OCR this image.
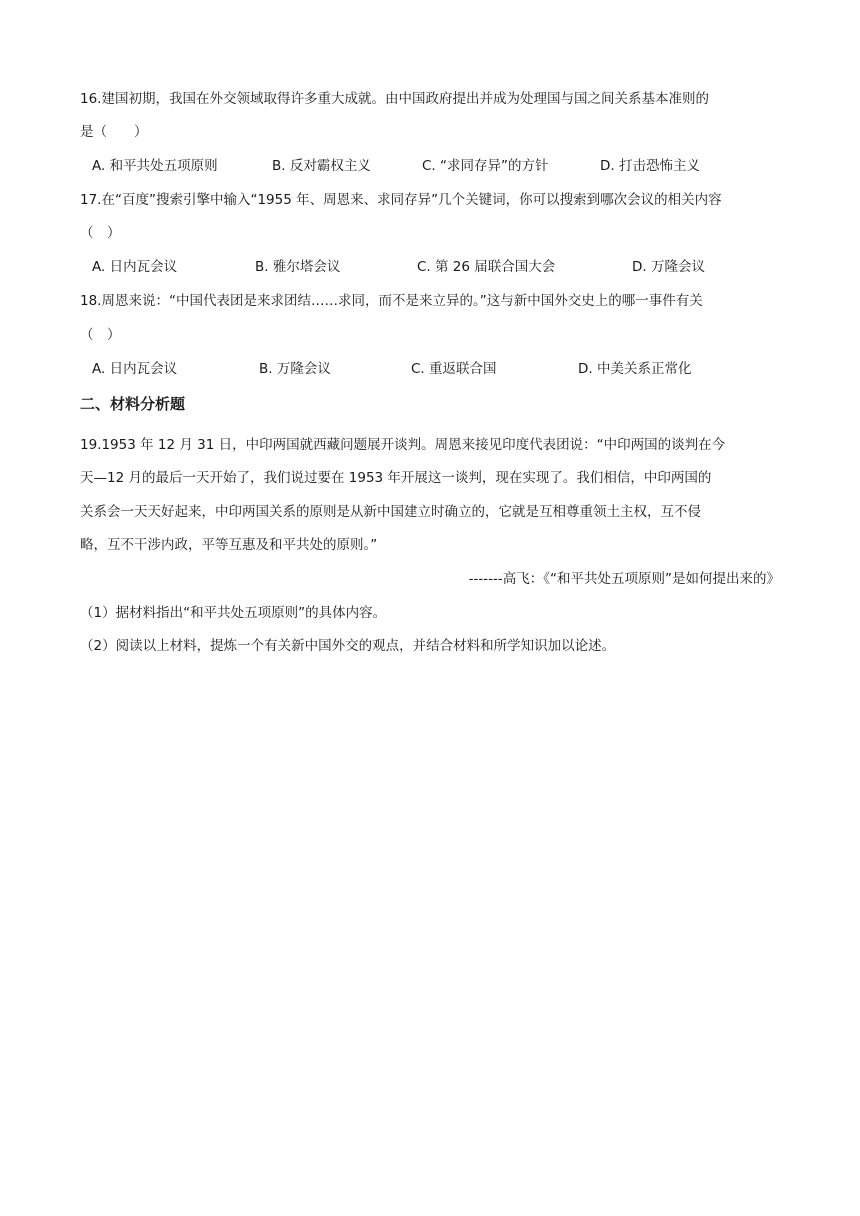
16.建国初期，我国在外交领域取得许多重大成就。由中国政府提出并成为处理国与国之间关系基本准则的
是（　　）
A. 和平共处五项原则	B. 反对霸权主义	C. “求同存异”的方针	D. 打击恐怖主义
17.在“百度”搜索引擎中输入“1955 年、周恩来、求同存异”几个关键词，你可以搜索到哪次会议的相关内容
（　）
A. 日内瓦会议	B. 雅尔塔会议	C. 第 26 届联合国大会	D. 万隆会议
18.周恩来说：“中国代表团是来求团结……求同，而不是来立异的。”这与新中国外交史上的哪一事件有关
（　）
A. 日内瓦会议	B. 万隆会议	C. 重返联合国	D. 中美关系正常化
二、材料分析题
19.1953 年 12 月 31 日，中印两国就西藏问题展开谈判。周恩来接见印度代表团说：“中印两国的谈判在今
天—12 月的最后一天开始了，我们说过要在 1953 年开展这一谈判，现在实现了。我们相信，中印两国的
关系会一天天好起来，中印两国关系的原则是从新中国建立时确立的，它就是互相尊重领土主权，互不侵
略，互不干涉内政，平等互惠及和平共处的原则。”
-------高飞：《“和平共处五项原则”是如何提出来的》
（1）据材料指出“和平共处五项原则”的具体内容。
（2）阅读以上材料，提炼一个有关新中国外交的观点，并结合材料和所学知识加以论述。
